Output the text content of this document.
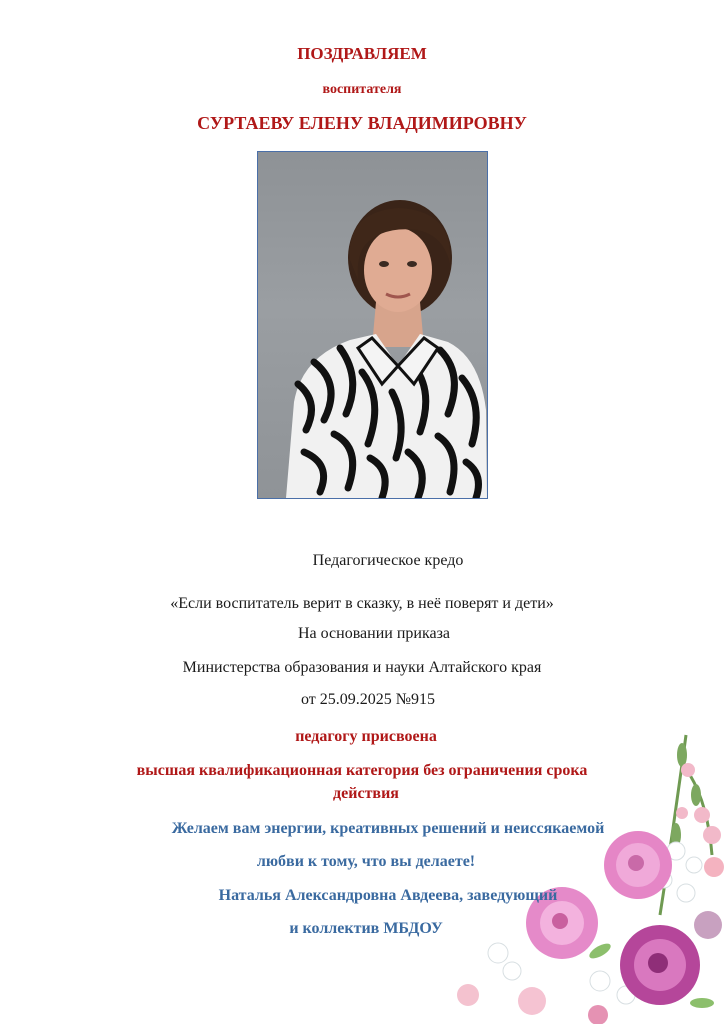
ПОЗДРАВЛЯЕМ
воспитателя
СУРТАЕВУ ЕЛЕНУ ВЛАДИМИРОВНУ
Педагогическое кредо
«Если воспитатель верит в сказку, в неё поверят и дети»
На основании приказа
Министерства образования и науки Алтайского края
от 25.09.2025 №915
педагогу присвоена
высшая квалификационная категория без ограничения срока
действия
Желаем вам энергии, креативных решений и неиссякаемой
любви к тому, что вы делаете!
Наталья Александровна Авдеева, заведующий
и коллектив МБДОУ
